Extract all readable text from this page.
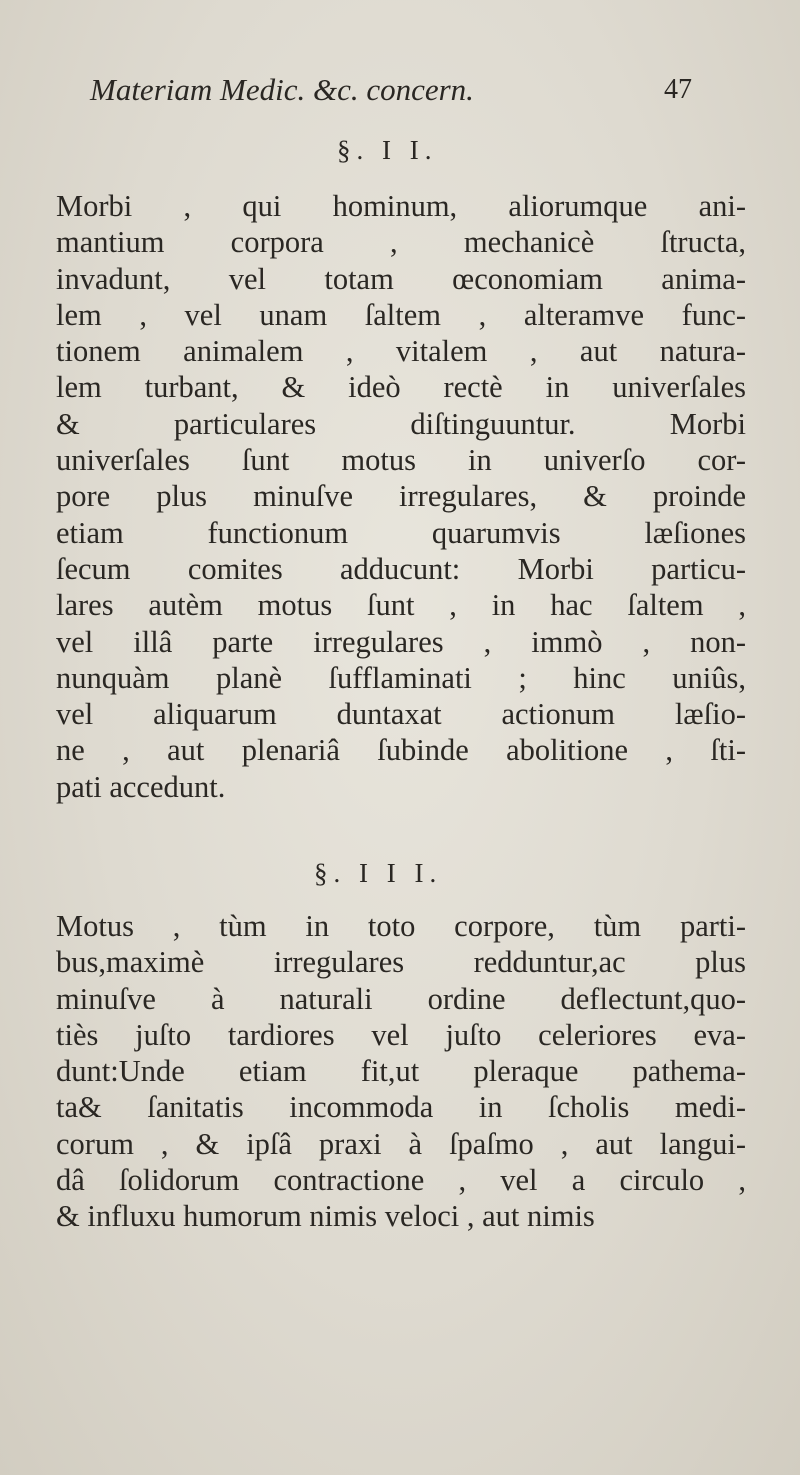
Materiam Medic. &c. concern.	47
§. I I.
Morbi , qui hominum, aliorumque ani-
mantium corpora , mechanicè ſtructa,
invadunt, vel totam œconomiam anima-
lem , vel unam ſaltem , alteramve func-
tionem animalem , vitalem , aut natura-
lem turbant, & ideò rectè in univerſales
& particulares diſtinguuntur. Morbi
univerſales ſunt motus in univerſo cor-
pore plus minuſve irregulares, & proinde
etiam functionum quarumvis læſiones
ſecum comites adducunt: Morbi particu-
lares autèm motus ſunt , in hac ſaltem ,
vel illâ parte irregulares , immò , non-
nunquàm planè ſufflaminati ; hinc uniûs,
vel aliquarum duntaxat actionum læſio-
ne , aut plenariâ ſubinde abolitione , ſti-
pati accedunt.
§. I I I.
Motus , tùm in toto corpore, tùm parti-
bus,maximè irregulares redduntur,ac plus
minuſve à naturali ordine deflectunt,quo-
tiès juſto tardiores vel juſto celeriores eva-
dunt:Unde etiam fit,ut pleraque pathema-
ta& ſanitatis incommoda in ſcholis medi-
corum , & ipſâ praxi à ſpaſmo , aut langui-
dâ ſolidorum contractione , vel a circulo ,
& influxu humorum nimis veloci , aut nimis
